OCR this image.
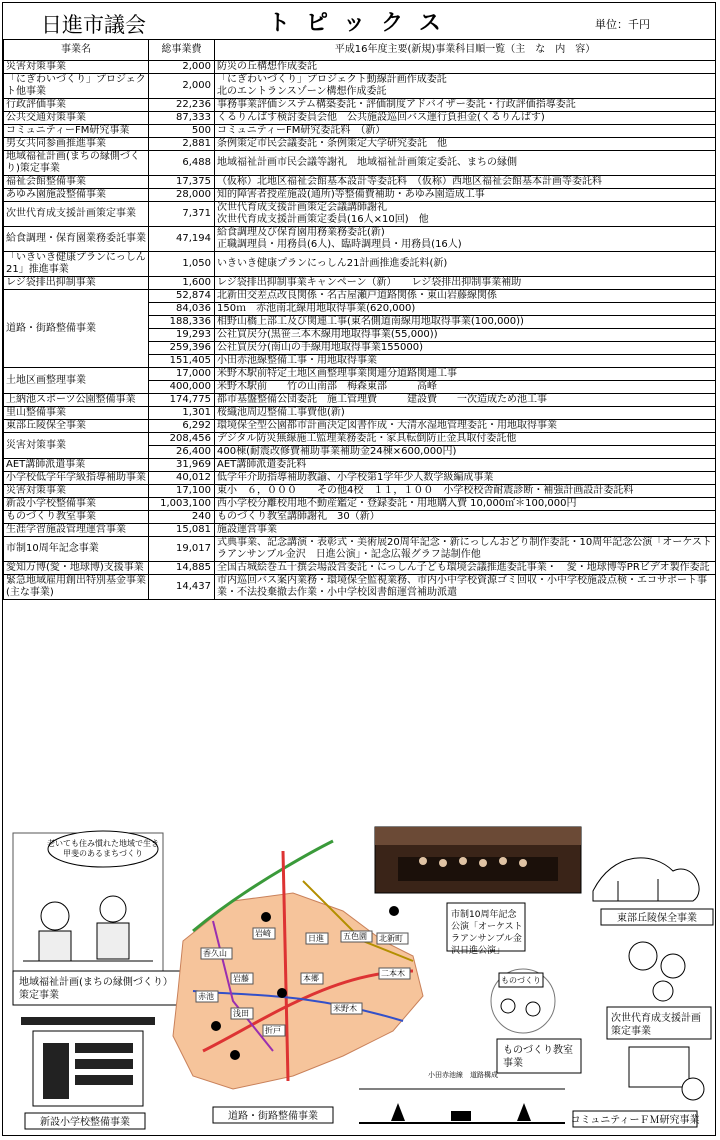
日進市議会	トピックス	単位：千円
事業名	総事業費	平成16年度主要(新規)事業科目順一覧（主　な　内　容）
災害対策事業	2,000	防災の丘構想作成委託
「にぎわいづくり」プロジェクト他事業	2,000	「にぎわいづくり」プロジェクト動線計画作成委託
北のエントランスゾーン構想作成委託
行政評価事業	22,236	事務事業評価システム構築委託・評価制度アドバイザー委託・行政評価指導委託
公共交通対策事業	87,333	くるりんばす検討委員会他　公共施設巡回バス運行負担金(くるりんばす)
コミュニティーFM研究事業	500	コミュニティーFM研究委託料　（新）
男女共同参画推進事業	2,881	条例策定市民会議委託・条例策定大学研究委託　他
地域福祉計画(まちの縁側づくり)策定事業	6,488	地域福祉計画市民会議等謝礼　地域福祉計画策定委託、まちの縁側
福祉会館整備事業	17,375	（仮称）北地区福祉会館基本設計等委託料　（仮称）西地区福祉会館基本計画等委託料
あゆみ園施設整備事業	28,000	知的障害者授産施設(通所)等整備費補助・あゆみ園造成工事
次世代育成支援計画策定事業	7,371	次世代育成支援計画策定会議講師謝礼
次世代育成支援計画策定委員(16人×10回)　他
給食調理・保育園業務委託事業	47,194	給食調理及び保育園用務業務委託(新)
正職調理員・用務員(6人)、臨時調理員・用務員(16人)
「いきいき健康プランにっしん21」推進事業	1,050	いきいき健康プランにっしん21計画推進委託料(新)
レジ袋排出抑制事業	1,600	レジ袋排出抑制事業キャンペーン（新）　　レジ袋排出抑制事業補助
道路・街路整備事業	52,874	北新田交差点改良関係・名古屋瀬戸道路関係・東山岩藤線関係
	84,036	150ｍ　赤池南北線用地取得事業(620,000)
	188,336	相野山橋上部工及び関連工事(東名側道南線用地取得事業(100,000))
	19,293	公社買戻分(黒笹三本木線用地取得事業(55,000))
	259,396	公社買戻分(南山の手線用地取得事業155000)
	151,405	小田赤池線整備工事・用地取得事業
土地区画整理事業	17,000	米野木駅前特定土地区画整理事業関連分道路関連工事
	400,000	米野木駅前　　竹の山南部　梅森東部　　　高峰
上納池スポーツ公園整備事業	174,775	都市基盤整備公団委託　施工管理費　　　建設費　　一次造成ため池工事
里山整備事業	1,301	桜織池周辺整備工事費他(新)
東部丘陵保全事業	6,292	環境保全型公園都市計画決定図書作成・大清水湿地管理委託・用地取得事業
災害対策事業	208,456	デジタル防災無線施工監理業務委託・家具転倒防止金具取付委託他
	26,400	400棟(耐震改修費補助事業補助金24棟×600,000円)
AET講師派遣事業	31,969	AET講師派遣委託料
小学校低学年学級指導補助事業	40,012	低学年介助指導補助教諭、小学校第1学年少人数学級編成事業
災害対策事業	17,100	東小　６，０００　　その他4校　１１，１００　小学校校舎耐震診断・補強計画設計委託料
新設小学校整備事業	1,003,100	西小学校分離校用地不動産鑑定・登録委託・用地購入費 10,000㎡＊100,000円
ものづくり教室事業	240	ものづくり教室講師謝礼　30（新）
生涯学習施設管理運営事業	15,081	施設運営事業
市制10周年記念事業	19,017	式典事業、記念講演・表彰式・美術展20周年記念・新にっしんおどり制作委託・10周年記念公演「オーケストラアンサンブル金沢　日進公演」・記念広報グラフ誌制作他
愛知万博(愛・地球博)支援事業	14,885	全国古城絵巻五十撰会場設営委託・にっしん子ども環境会議推進委託事業・　愛・地球博等PRビデオ製作委託
緊急地域雇用創出特別基金事業(主な事業)	14,437	市内巡回バス案内業務・環境保全監視業務、市内小中学校資源ゴミ回収・小中学校施設点検・エコサポート事業・不法投棄撤去作業・小中学校図書館運営補助派遣
老いても住み慣れた地域で生き甲斐のあるまちづくり
地域福祉計画(まちの縁側づくり）策定事業
新設小学校整備事業
香久山
岩崎
赤池
浅田
折戸
米野木
本郷
日進 五色園
二本木
岩藤
北新町
道路・街路整備事業
市制10周年記念公演「オーケストラアンサンブル金沢日進公演」
東部丘陵保全事業
ものづくり
ものづくり教室事業
次世代育成支援計画策定事業
コミュニティーＦＭ研究事業
小田赤池線　道路構成
